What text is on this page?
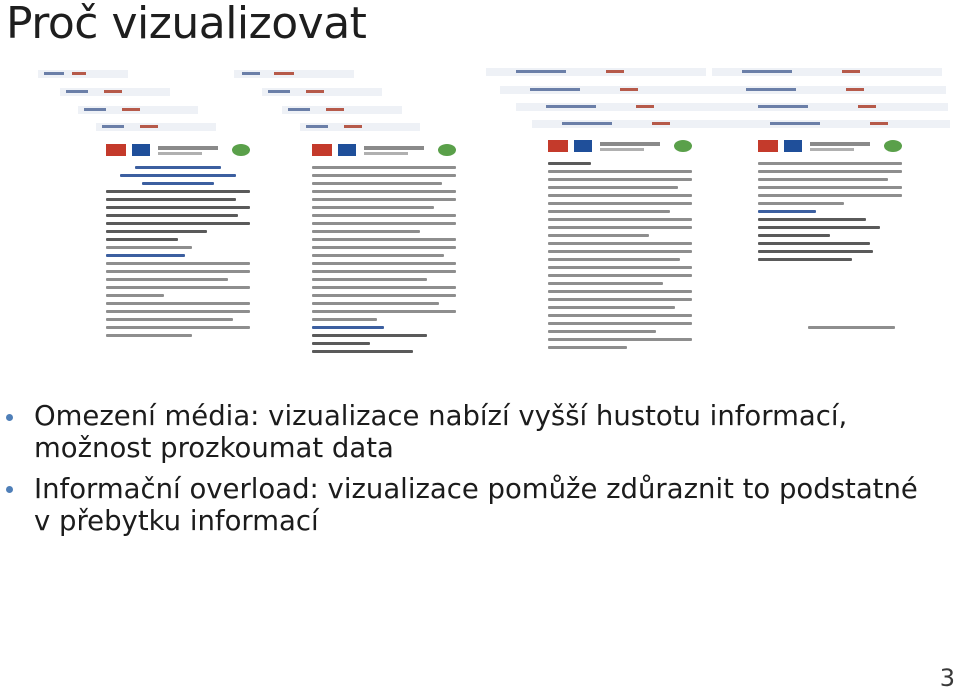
Proč vizualizovat
Omezení média: vizualizace nabízí vyšší hustotu informací, možnost prozkoumat data
Informační overload: vizualizace pomůže zdůraznit to podstatné v přebytku informací
3
